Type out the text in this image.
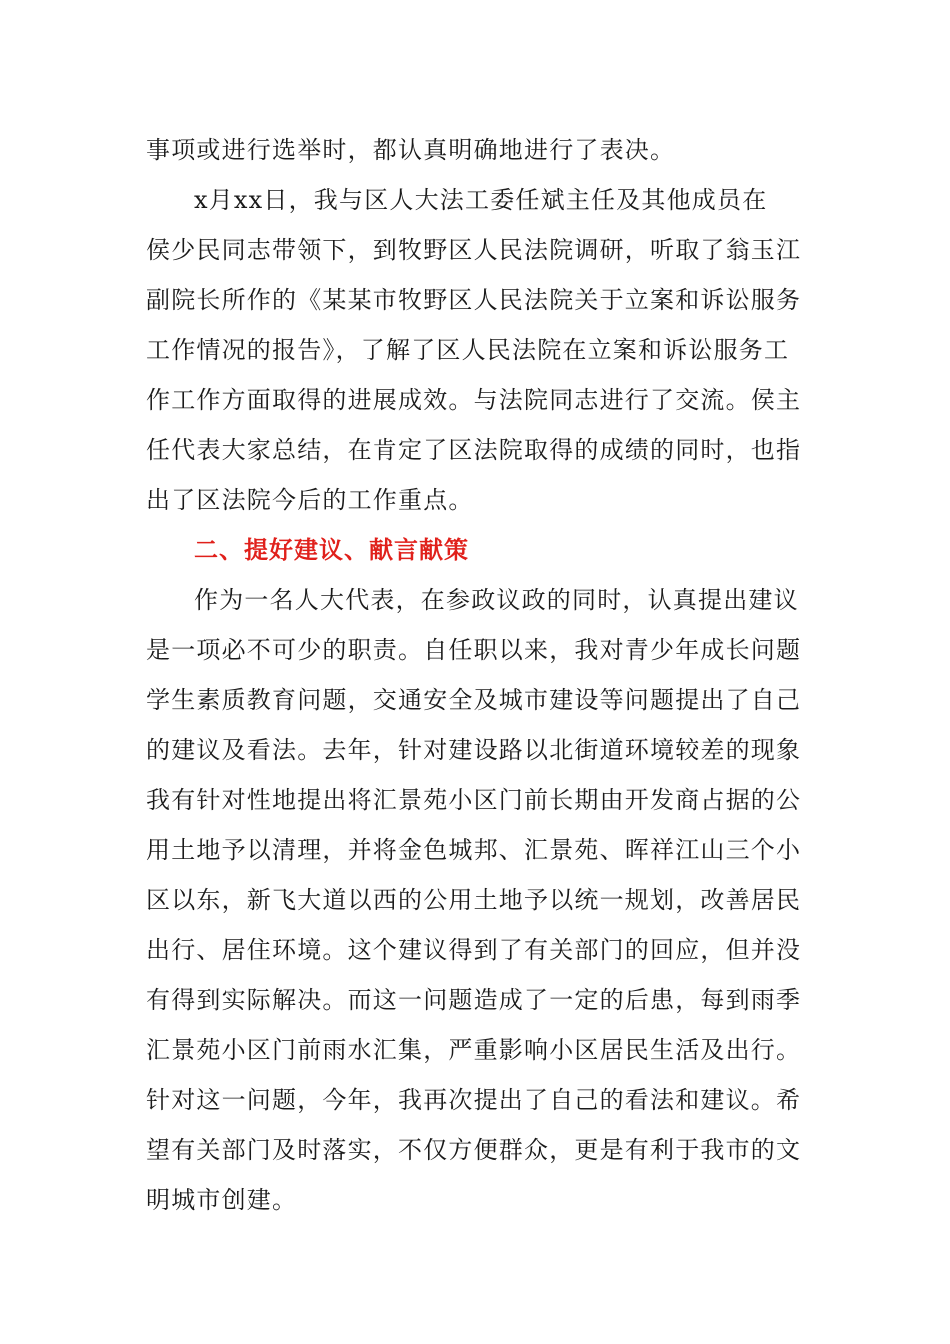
事项或进行选举时，都认真明确地进行了表决。
x月xx日，我与区人大法工委任斌主任及其他成员在
侯少民同志带领下，到牧野区人民法院调研，听取了翁玉江
副院长所作的《某某市牧野区人民法院关于立案和诉讼服务
工作情况的报告》，了解了区人民法院在立案和诉讼服务工
作工作方面取得的进展成效。与法院同志进行了交流。侯主
任代表大家总结，在肯定了区法院取得的成绩的同时，也指
出了区法院今后的工作重点。
二、提好建议、献言献策
作为一名人大代表，在参政议政的同时，认真提出建议
是一项必不可少的职责。自任职以来，我对青少年成长问题
学生素质教育问题，交通安全及城市建设等问题提出了自己
的建议及看法。去年，针对建设路以北街道环境较差的现象
我有针对性地提出将汇景苑小区门前长期由开发商占据的公
用土地予以清理，并将金色城邦、汇景苑、晖祥江山三个小
区以东，新飞大道以西的公用土地予以统一规划，改善居民
出行、居住环境。这个建议得到了有关部门的回应，但并没
有得到实际解决。而这一问题造成了一定的后患，每到雨季
汇景苑小区门前雨水汇集，严重影响小区居民生活及出行。
针对这一问题，今年，我再次提出了自己的看法和建议。希
望有关部门及时落实，不仅方便群众，更是有利于我市的文
明城市创建。
